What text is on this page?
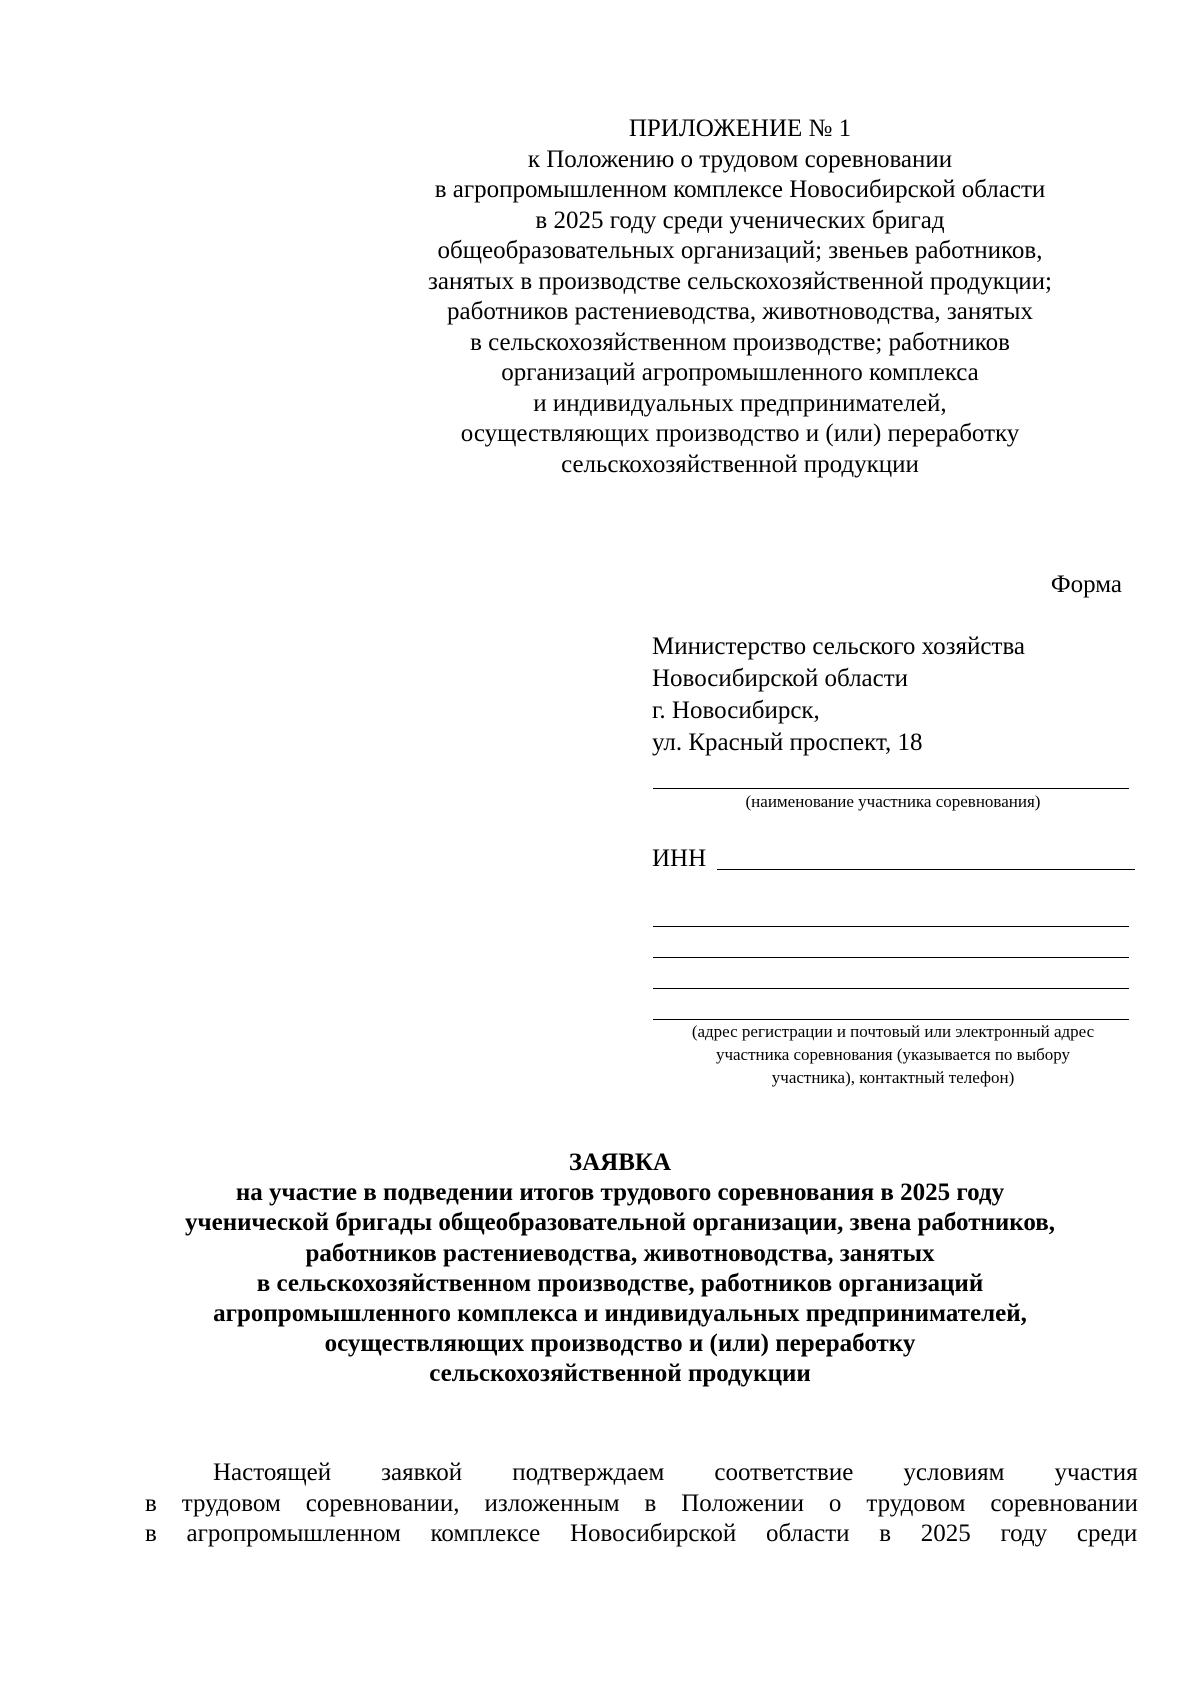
ПРИЛОЖЕНИЕ № 1
к Положению о трудовом соревновании
в агропромышленном комплексе Новосибирской области
в 2025 году среди ученических бригад
общеобразовательных организаций; звеньев работников,
занятых в производстве сельскохозяйственной продукции;
работников растениеводства, животноводства, занятых
в сельскохозяйственном производстве; работников
организаций агропромышленного комплекса
и индивидуальных предпринимателей,
осуществляющих производство и (или) переработку
сельскохозяйственной продукции
Форма
Министерство сельского хозяйства
Новосибирской области
г. Новосибирск,
ул. Красный проспект, 18
(наименование участника соревнования)
ИНН
(адрес регистрации и почтовый или электронный адрес
участника соревнования (указывается по выбору
участника), контактный телефон)
ЗАЯВКА
на участие в подведении итогов трудового соревнования в 2025 году
ученической бригады общеобразовательной организации, звена работников,
работников растениеводства, животноводства, занятых
в сельскохозяйственном производстве, работников организаций
агропромышленного комплекса и индивидуальных предпринимателей,
осуществляющих производство и (или) переработку
сельскохозяйственной продукции
Настоящей заявкой подтверждаем соответствие условиям участия
в трудовом соревновании, изложенным в Положении о трудовом соревновании
в агропромышленном комплексе Новосибирской области в 2025 году среди
